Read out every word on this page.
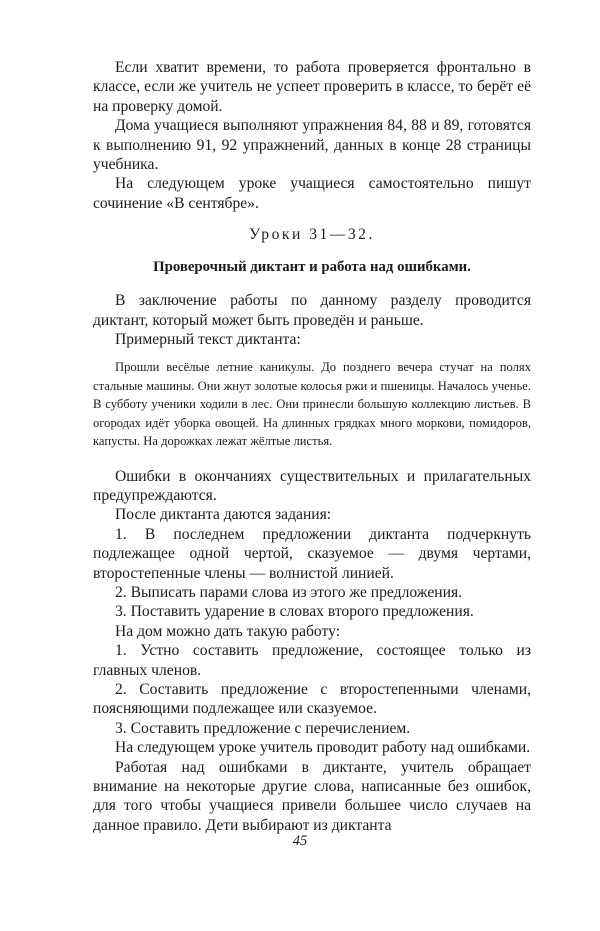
Если хватит времени, то работа проверяется фронтально в классе, если же учитель не успеет проверить в классе, то берёт её на проверку домой.

Дома учащиеся выполняют упражнения 84, 88 и 89, готовятся к выполнению 91, 92 упражнений, данных в конце 28 страницы учебника.

На следующем уроке учащиеся самостоятельно пишут сочинение «В сентябре».

Уроки 31—32.
Проверочный диктант и работа над ошибками.

В заключение работы по данному разделу проводится диктант, который может быть проведён и раньше.

Примерный текст диктанта:

Прошли весёлые летние каникулы. До позднего вечера стучат на полях стальные машины. Они жнут золотые колосья ржи и пшеницы. Началось ученье. В субботу ученики ходили в лес. Они принесли большую коллекцию листьев. В огородах идёт уборка овощей. На длинных грядках много моркови, помидоров, капусты. На дорожках лежат жёлтые листья.

Ошибки в окончаниях существительных и прилагательных предупреждаются.

После диктанта даются задания:

1. В последнем предложении диктанта подчеркнуть подлежащее одной чертой, сказуемое — двумя чертами, второстепенные члены — волнистой линией.

2. Выписать парами слова из этого же предложения.

3. Поставить ударение в словах второго предложения.

На дом можно дать такую работу:

1. Устно составить предложение, состоящее только из главных членов.

2. Составить предложение с второстепенными членами, поясняющими подлежащее или сказуемое.

3. Составить предложение с перечислением.

На следующем уроке учитель проводит работу над ошибками.

Работая над ошибками в диктанте, учитель обращает внимание на некоторые другие слова, написанные без ошибок, для того чтобы учащиеся привели большее число случаев на данное правило. Дети выбирают из диктанта

45
